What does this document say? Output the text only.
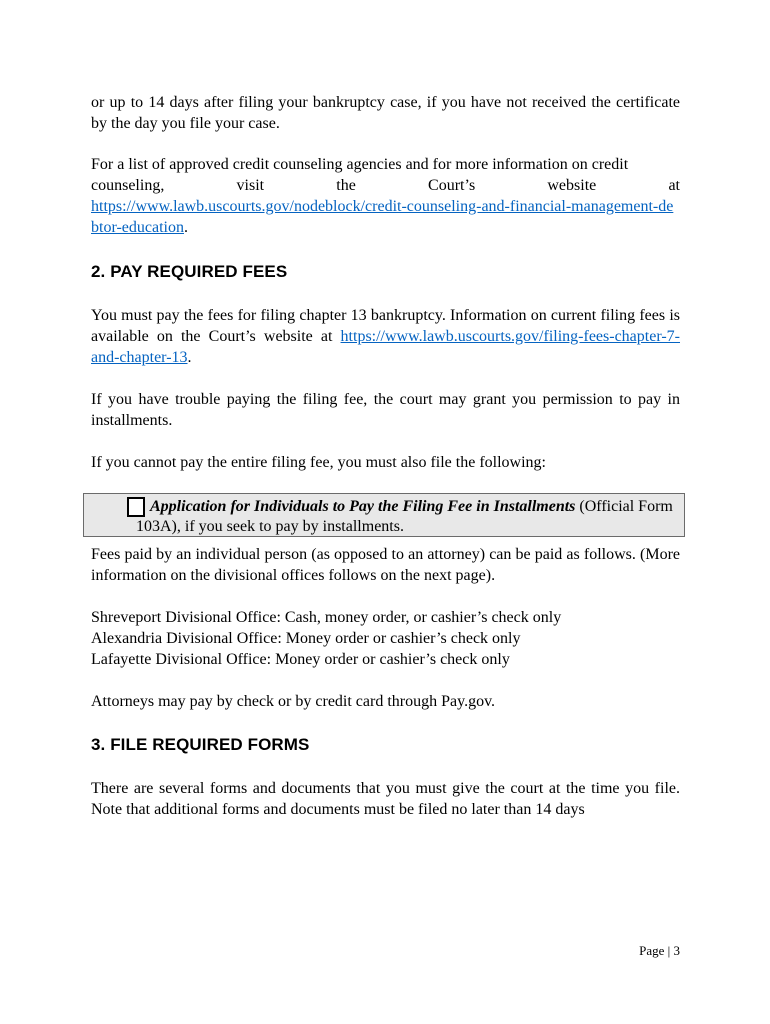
or up to 14 days after filing your bankruptcy case, if you have not received the certificate by the day you file your case.

For a list of approved credit counseling agencies and for more information on credit

counseling,	visit	the	Court’s	website	at

https://www.lawb.uscourts.gov/nodeblock/credit-counseling-and-financial-management-debtor-education.

2. PAY REQUIRED FEES

You must pay the fees for filing chapter 13 bankruptcy. Information on current filing fees is available on the Court’s website at https://www.lawb.uscourts.gov/filing-fees-chapter-7-and-chapter-13.

If you have trouble paying the filing fee, the court may grant you permission to pay in installments.

If you cannot pay the entire filing fee, you must also file the following:

Fees paid by an individual person (as opposed to an attorney) can be paid as follows. (More information on the divisional offices follows on the next page).

Shreveport Divisional Office: Cash, money order, or cashier’s check only

Alexandria Divisional Office: Money order or cashier’s check only

Lafayette Divisional Office: Money order or cashier’s check only

Attorneys may pay by check or by credit card through Pay.gov.

3. FILE REQUIRED FORMS

There are several forms and documents that you must give the court at the time you file. Note that additional forms and documents must be filed no later than 14 days

Application for Individuals to Pay the Filing Fee in Installments (Official Form 103A), if you seek to pay by installments.
Page | 3
